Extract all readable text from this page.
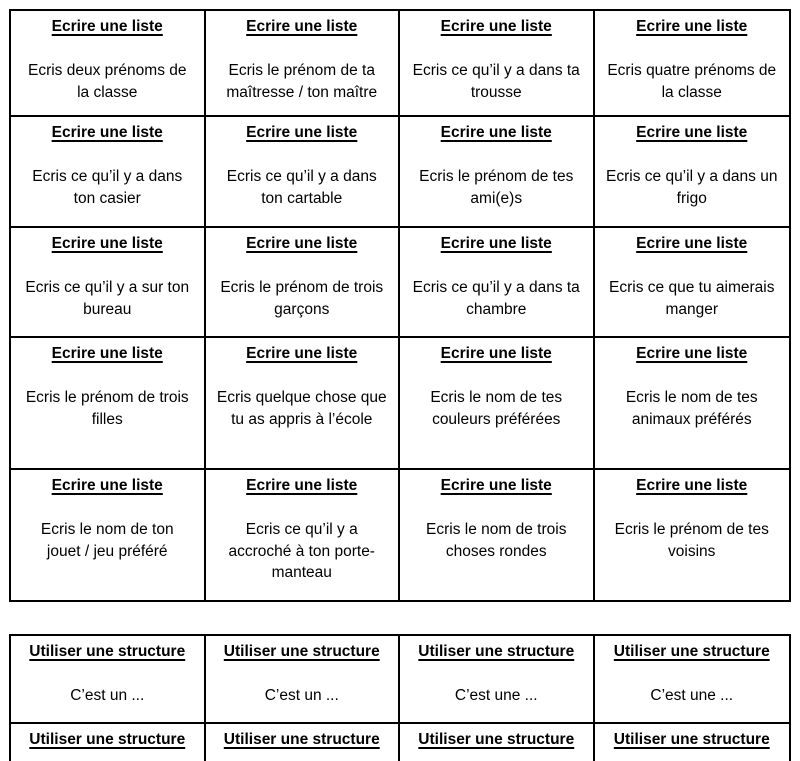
Ecrire une liste
Ecris deux prénoms de la classe
Ecrire une liste
Ecris le prénom de ta maîtresse / ton maître
Ecrire une liste
Ecris ce qu’il y a dans ta trousse
Ecrire une liste
Ecris quatre prénoms de la classe
Ecrire une liste
Ecris ce qu’il y a dans ton casier
Ecrire une liste
Ecris ce qu’il y a dans ton cartable
Ecrire une liste
Ecris le prénom de tes ami(e)s
Ecrire une liste
Ecris ce qu’il y a dans un frigo
Ecrire une liste
Ecris ce qu’il y a sur ton bureau
Ecrire une liste
Ecris le prénom de trois garçons
Ecrire une liste
Ecris ce qu’il y a dans ta chambre
Ecrire une liste
Ecris ce que tu aimerais manger
Ecrire une liste
Ecris le prénom de trois filles
Ecrire une liste
Ecris quelque chose que tu as appris à l’école
Ecrire une liste
Ecris le nom de tes couleurs préférées
Ecrire une liste
Ecris le nom de tes animaux préférés
Ecrire une liste
Ecris le nom de ton jouet / jeu préféré
Ecrire une liste
Ecris ce qu’il y a accroché à ton porte-manteau
Ecrire une liste
Ecris le nom de trois choses rondes
Ecrire une liste
Ecris le prénom de tes voisins
Utiliser une structure
C’est un ...
Utiliser une structure
C’est un ...
Utiliser une structure
C’est une ...
Utiliser une structure
C’est une ...
Utiliser une structure	Utiliser une structure	Utiliser une structure	Utiliser une structure
